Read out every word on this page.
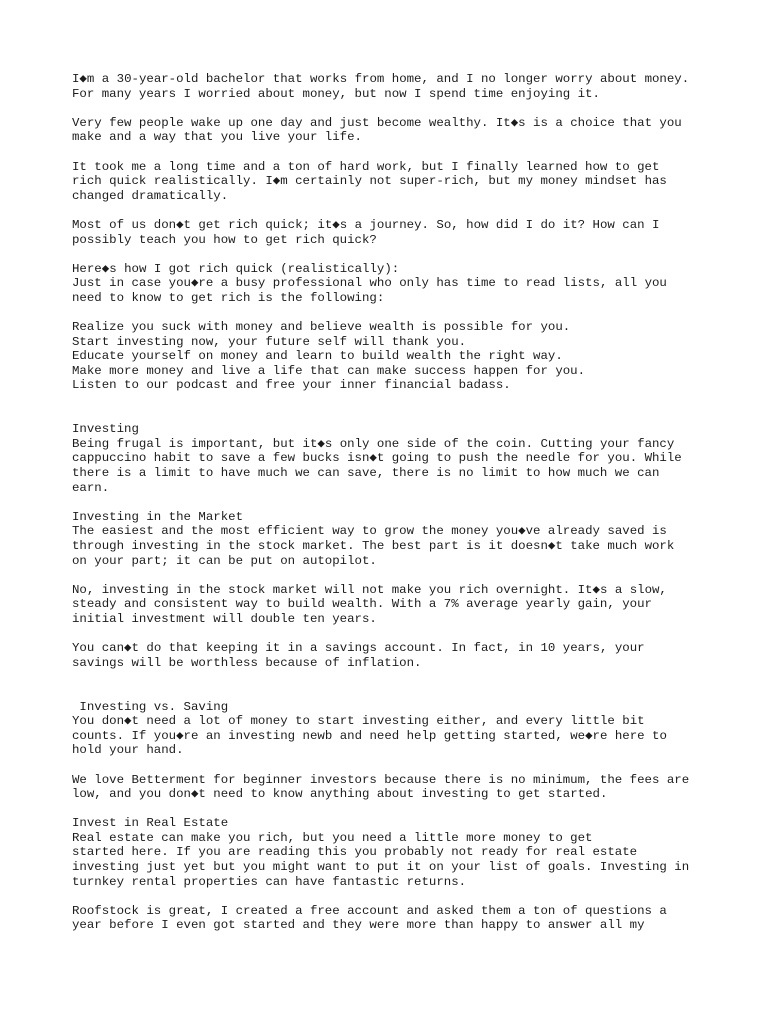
I◆m a 30-year-old bachelor that works from home, and I no longer worry about money.
For many years I worried about money, but now I spend time enjoying it.
Very few people wake up one day and just become wealthy. It◆s is a choice that you
make and a way that you live your life.
It took me a long time and a ton of hard work, but I finally learned how to get
rich quick realistically. I◆m certainly not super-rich, but my money mindset has
changed dramatically.
Most of us don◆t get rich quick; it◆s a journey. So, how did I do it? How can I
possibly teach you how to get rich quick?
Here◆s how I got rich quick (realistically):
Just in case you◆re a busy professional who only has time to read lists, all you
need to know to get rich is the following:
Realize you suck with money and believe wealth is possible for you.
Start investing now, your future self will thank you.
Educate yourself on money and learn to build wealth the right way.
Make more money and live a life that can make success happen for you.
Listen to our podcast and free your inner financial badass.
Investing
Being frugal is important, but it◆s only one side of the coin. Cutting your fancy
cappuccino habit to save a few bucks isn◆t going to push the needle for you. While
there is a limit to have much we can save, there is no limit to how much we can
earn.
Investing in the Market
The easiest and the most efficient way to grow the money you◆ve already saved is
through investing in the stock market. The best part is it doesn◆t take much work
on your part; it can be put on autopilot.
No, investing in the stock market will not make you rich overnight. It◆s a slow,
steady and consistent way to build wealth. With a 7% average yearly gain, your
initial investment will double ten years.
You can◆t do that keeping it in a savings account. In fact, in 10 years, your
savings will be worthless because of inflation.
Investing vs. Saving
You don◆t need a lot of money to start investing either, and every little bit
counts. If you◆re an investing newb and need help getting started, we◆re here to
hold your hand.
We love Betterment for beginner investors because there is no minimum, the fees are
low, and you don◆t need to know anything about investing to get started.
Invest in Real Estate
Real estate can make you rich, but you need a little more money to get
started here. If you are reading this you probably not ready for real estate
investing just yet but you might want to put it on your list of goals. Investing in
turnkey rental properties can have fantastic returns.
Roofstock is great, I created a free account and asked them a ton of questions a
year before I even got started and they were more than happy to answer all my
